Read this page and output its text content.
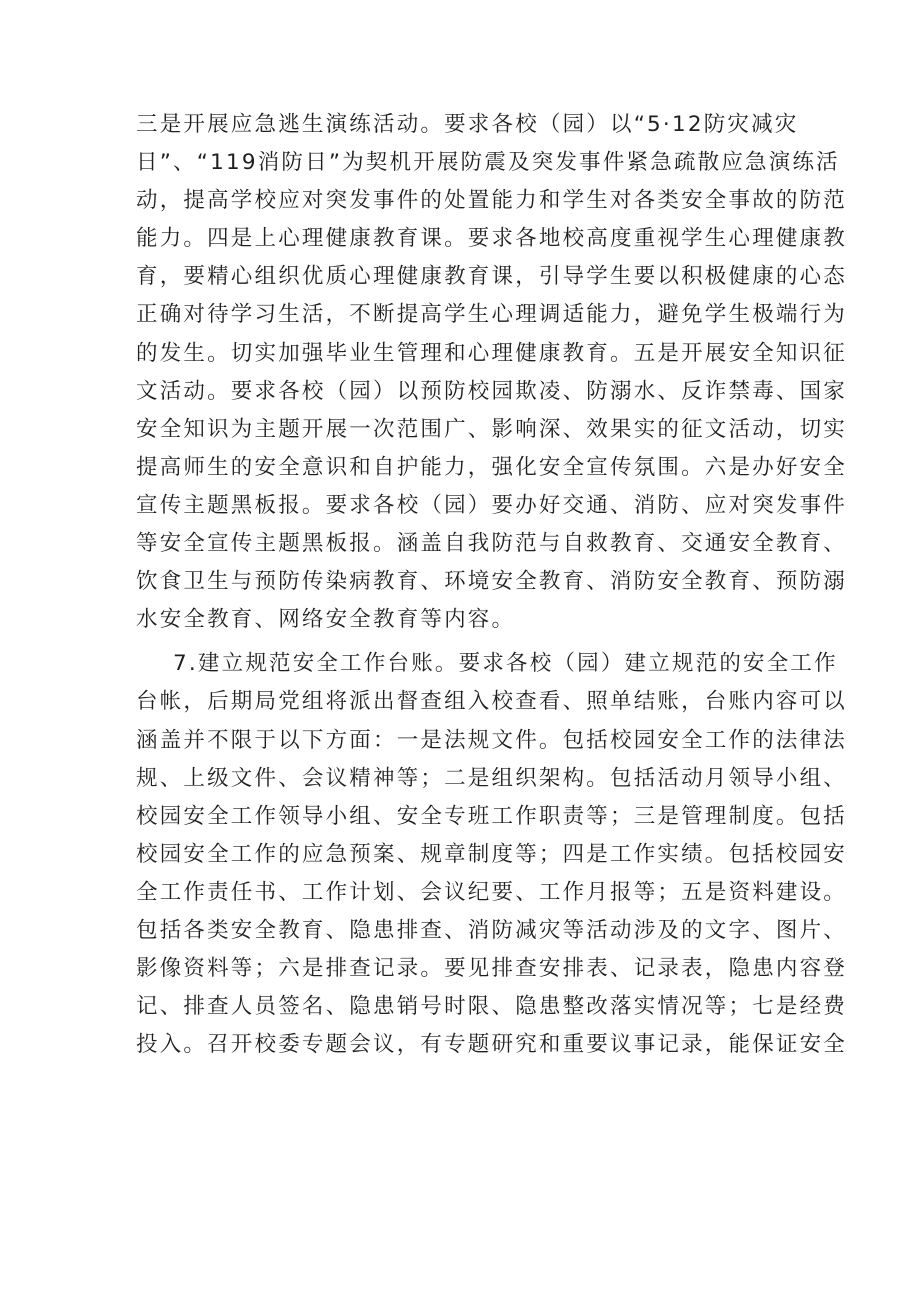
三是开展应急逃生演练活动。要求各校（园）以“5·12防灾减灾
日”、“119消防日”为契机开展防震及突发事件紧急疏散应急演练活
动，提高学校应对突发事件的处置能力和学生对各类安全事故的防范
能力。四是上心理健康教育课。要求各地校高度重视学生心理健康教
育，要精心组织优质心理健康教育课，引导学生要以积极健康的心态
正确对待学习生活，不断提高学生心理调适能力，避免学生极端行为
的发生。切实加强毕业生管理和心理健康教育。五是开展安全知识征
文活动。要求各校（园）以预防校园欺凌、防溺水、反诈禁毒、国家
安全知识为主题开展一次范围广、影响深、效果实的征文活动，切实
提高师生的安全意识和自护能力，强化安全宣传氛围。六是办好安全
宣传主题黑板报。要求各校（园）要办好交通、消防、应对突发事件
等安全宣传主题黑板报。涵盖自我防范与自救教育、交通安全教育、
饮食卫生与预防传染病教育、环境安全教育、消防安全教育、预防溺
水安全教育、网络安全教育等内容。
7.建立规范安全工作台账。要求各校（园）建立规范的安全工作
台帐，后期局党组将派出督查组入校查看、照单结账，台账内容可以
涵盖并不限于以下方面：一是法规文件。包括校园安全工作的法律法
规、上级文件、会议精神等；二是组织架构。包括活动月领导小组、
校园安全工作领导小组、安全专班工作职责等；三是管理制度。包括
校园安全工作的应急预案、规章制度等；四是工作实绩。包括校园安
全工作责任书、工作计划、会议纪要、工作月报等；五是资料建设。
包括各类安全教育、隐患排查、消防减灾等活动涉及的文字、图片、
影像资料等；六是排查记录。要见排查安排表、记录表，隐患内容登
记、排查人员签名、隐患销号时限、隐患整改落实情况等；七是经费
投入。召开校委专题会议，有专题研究和重要议事记录，能保证安全
